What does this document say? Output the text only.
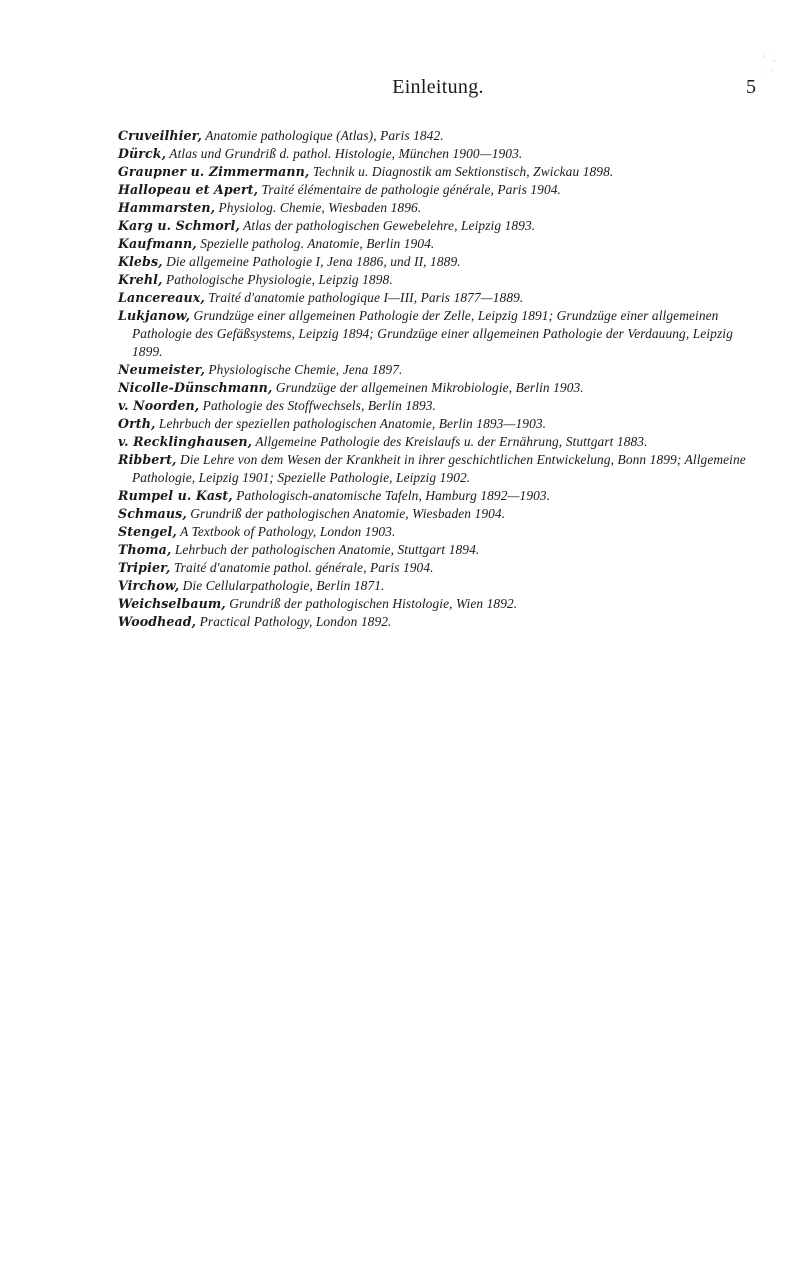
Einleitung.	5
Cruveilhier, Anatomie pathologique (Atlas), Paris 1842.
Dürck, Atlas und Grundriß d. pathol. Histologie, München 1900—1903.
Graupner u. Zimmermann, Technik u. Diagnostik am Sektionstisch, Zwickau 1898.
Hallopeau et Apert, Traité élémentaire de pathologie générale, Paris 1904.
Hammarsten, Physiolog. Chemie, Wiesbaden 1896.
Karg u. Schmorl, Atlas der pathologischen Gewebelehre, Leipzig 1893.
Kaufmann, Spezielle patholog. Anatomie, Berlin 1904.
Klebs, Die allgemeine Pathologie I, Jena 1886, und II, 1889.
Krehl, Pathologische Physiologie, Leipzig 1898.
Lancereaux, Traité d'anatomie pathologique I—III, Paris 1877—1889.
Lukjanow, Grundzüge einer allgemeinen Pathologie der Zelle, Leipzig 1891; Grundzüge einer allgemeinen Pathologie des Gefäßsystems, Leipzig 1894; Grundzüge einer allgemeinen Pathologie der Verdauung, Leipzig 1899.
Neumeister, Physiologische Chemie, Jena 1897.
Nicolle-Dünschmann, Grundzüge der allgemeinen Mikrobiologie, Berlin 1903.
v. Noorden, Pathologie des Stoffwechsels, Berlin 1893.
Orth, Lehrbuch der speziellen pathologischen Anatomie, Berlin 1893—1903.
v. Recklinghausen, Allgemeine Pathologie des Kreislaufs u. der Ernährung, Stuttgart 1883.
Ribbert, Die Lehre von dem Wesen der Krankheit in ihrer geschichtlichen Entwickelung, Bonn 1899; Allgemeine Pathologie, Leipzig 1901; Spezielle Pathologie, Leipzig 1902.
Rumpel u. Kast, Pathologisch-anatomische Tafeln, Hamburg 1892—1903.
Schmaus, Grundriß der pathologischen Anatomie, Wiesbaden 1904.
Stengel, A Textbook of Pathology, London 1903.
Thoma, Lehrbuch der pathologischen Anatomie, Stuttgart 1894.
Tripier, Traité d'anatomie pathol. générale, Paris 1904.
Virchow, Die Cellularpathologie, Berlin 1871.
Weichselbaum, Grundriß der pathologischen Histologie, Wien 1892.
Woodhead, Practical Pathology, London 1892.
